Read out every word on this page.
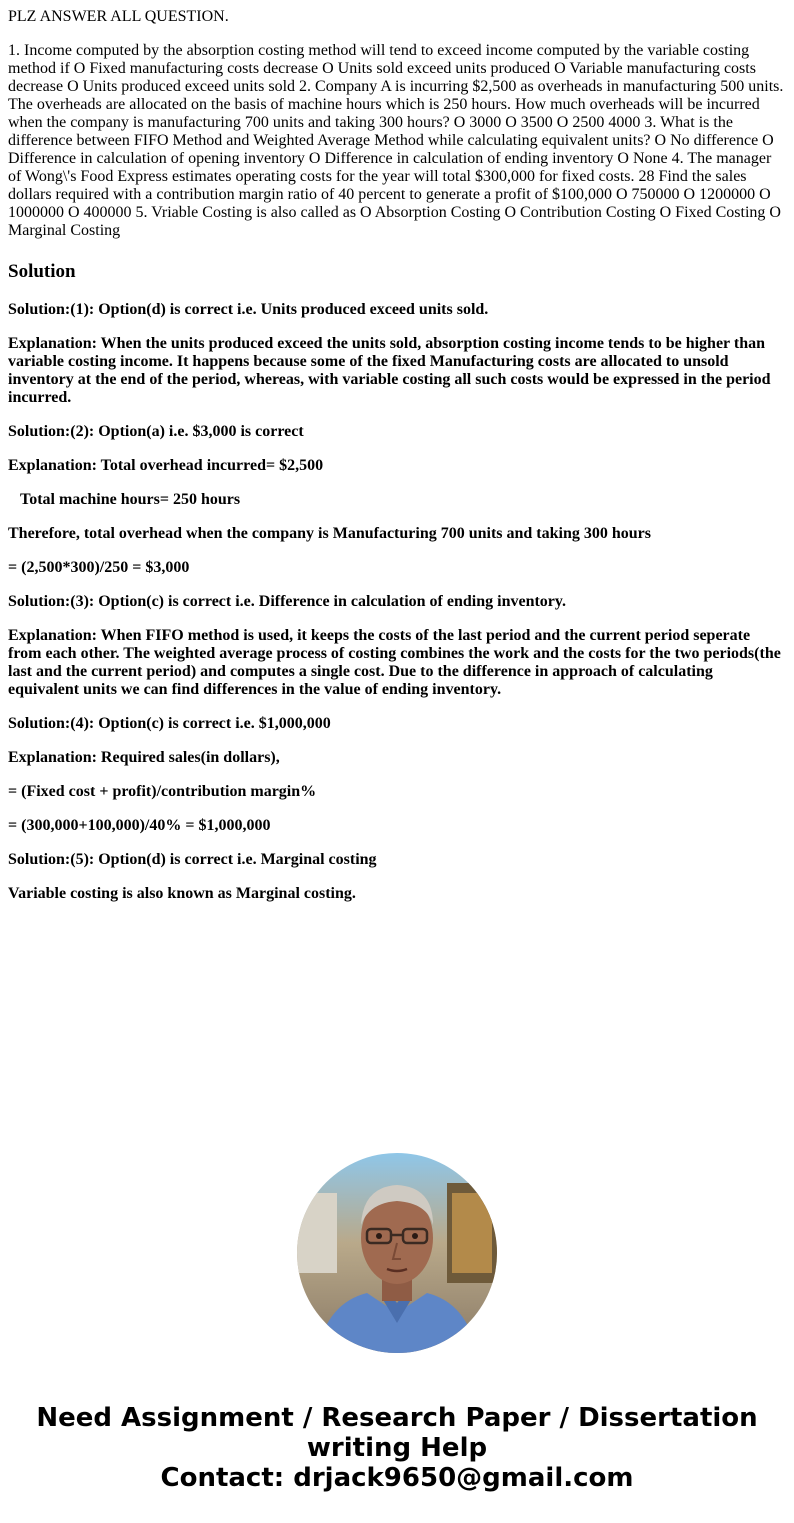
PLZ ANSWER ALL QUESTION.

1. Income computed by the absorption costing method will tend to exceed income computed by the variable costing method if O Fixed manufacturing costs decrease O Units sold exceed units produced O Variable manufacturing costs decrease O Units produced exceed units sold 2. Company A is incurring $2,500 as overheads in manufacturing 500 units. The overheads are allocated on the basis of machine hours which is 250 hours. How much overheads will be incurred when the company is manufacturing 700 units and taking 300 hours? O 3000 O 3500 O 2500 4000 3. What is the difference between FIFO Method and Weighted Average Method while calculating equivalent units? O No difference O Difference in calculation of opening inventory O Difference in calculation of ending inventory O None 4. The manager of Wong\'s Food Express estimates operating costs for the year will total $300,000 for fixed costs. 28 Find the sales dollars required with a contribution margin ratio of 40 percent to generate a profit of $100,000 O 750000 O 1200000 O 1000000 O 400000 5. Vriable Costing is also called as O Absorption Costing O Contribution Costing O Fixed Costing O Marginal Costing

Solution

Solution:(1): Option(d) is correct i.e. Units produced exceed units sold.

Explanation: When the units produced exceed the units sold, absorption costing income tends to be higher than variable costing income. It happens because some of the fixed Manufacturing costs are allocated to unsold inventory at the end of the period, whereas, with variable costing all such costs would be expressed in the period incurred.

Solution:(2): Option(a) i.e. $3,000 is correct

Explanation: Total overhead incurred= $2,500

Total machine hours= 250 hours

Therefore, total overhead when the company is Manufacturing 700 units and taking 300 hours

= (2,500*300)/250 = $3,000

Solution:(3): Option(c) is correct i.e. Difference in calculation of ending inventory.

Explanation: When FIFO method is used, it keeps the costs of the last period and the current period seperate from each other. The weighted average process of costing combines the work and the costs for the two periods(the last and the current period) and computes a single cost. Due to the difference in approach of calculating equivalent units we can find differences in the value of ending inventory.

Solution:(4): Option(c) is correct i.e. $1,000,000

Explanation: Required sales(in dollars),

= (Fixed cost + profit)/contribution margin%

= (300,000+100,000)/40% = $1,000,000

Solution:(5): Option(d) is correct i.e. Marginal costing

Variable costing is also known as Marginal costing.

Need Assignment / Research Paper / Dissertation
writing Help
Contact: drjack9650@gmail.com
